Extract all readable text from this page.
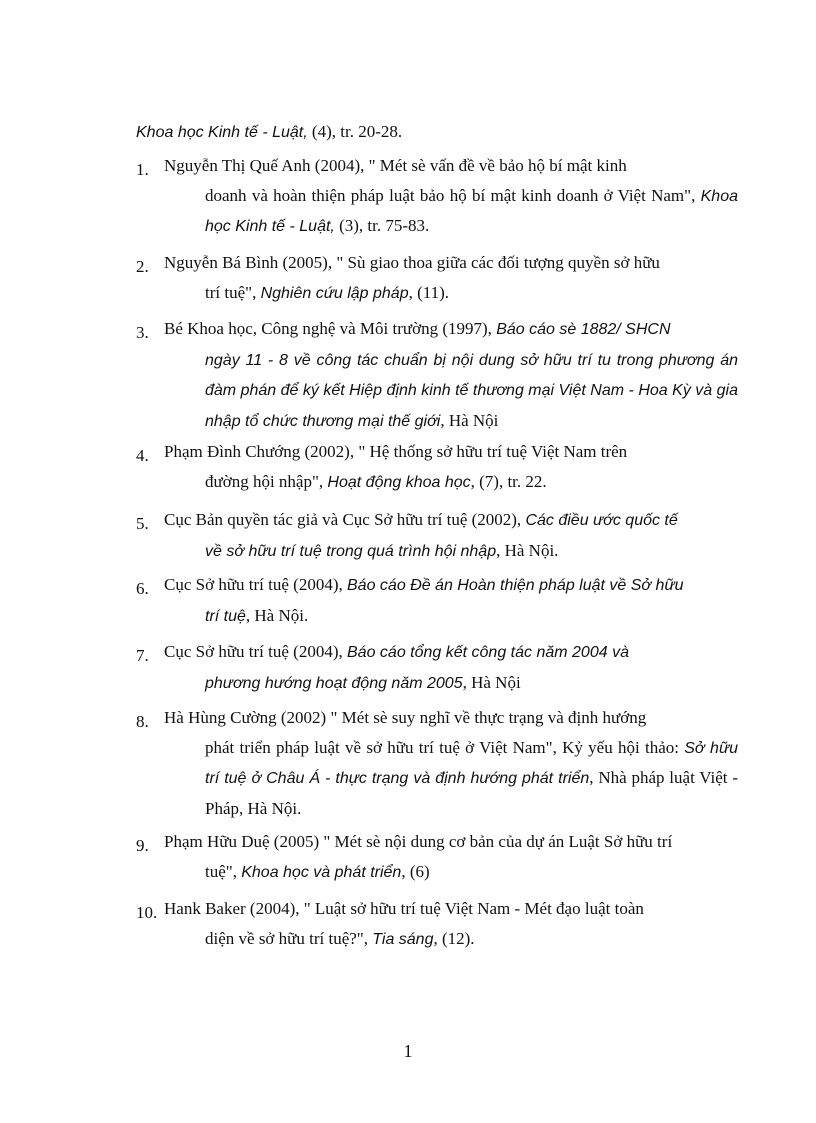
Khoa học Kinh tế - Luật, (4), tr. 20-28.
1. Nguyễn Thị Quế Anh (2004), " Mét sè vấn đề về bảo hộ bí mật kinh
doanh và hoàn thiện pháp luật bảo hộ bí mật kinh doanh ở Việt Nam", Khoa học Kinh tế - Luật, (3), tr. 75-83.
2. Nguyễn Bá Bình (2005), " Sù giao thoa giữa các đối tượng quyền sở hữu
trí tuệ", Nghiên cứu lập pháp, (11).
3. Bé Khoa học, Công nghệ và Môi trường (1997), Báo cáo sè 1882/ SHCN
ngày 11 - 8 về công tác chuẩn bị nội dung sở hữu trí tu trong phương án đàm phán để ký kết Hiệp định kinh tế thương mại Việt Nam - Hoa Kỳ và gia nhập tổ chức thương mại thế giới, Hà Nội
4. Phạm Đình Chướng (2002), " Hệ thống sở hữu trí tuệ Việt Nam trên
đường hội nhập", Hoạt động khoa học, (7), tr. 22.
5. Cục Bản quyền tác giả và Cục Sở hữu trí tuệ (2002), Các điều ước quốc tế
về sở hữu trí tuệ trong quá trình hội nhập, Hà Nội.
6. Cục Sở hữu trí tuệ (2004), Báo cáo Đề án Hoàn thiện pháp luật về Sở hữu
trí tuệ, Hà Nội.
7. Cục Sở hữu trí tuệ (2004), Báo cáo tổng kết công tác năm 2004 và
phương hướng hoạt động năm 2005, Hà Nội
8. Hà Hùng Cường (2002) " Mét sè suy nghĩ về thực trạng và định hướng
phát triển pháp luật về sở hữu trí tuệ ở Việt Nam", Kỷ yếu hội thảo: Sở hữu trí tuệ ở Châu Á - thực trạng và định hướng phát triển, Nhà pháp luật Việt - Pháp, Hà Nội.
9. Phạm Hữu Duệ (2005) " Mét sè nội dung cơ bản của dự án Luật Sở hữu trí
tuệ", Khoa học và phát triển, (6)
10. Hank Baker (2004), " Luật sở hữu trí tuệ Việt Nam - Mét đạo luật toàn
diện về sở hữu trí tuệ?", Tia sáng, (12).
1
